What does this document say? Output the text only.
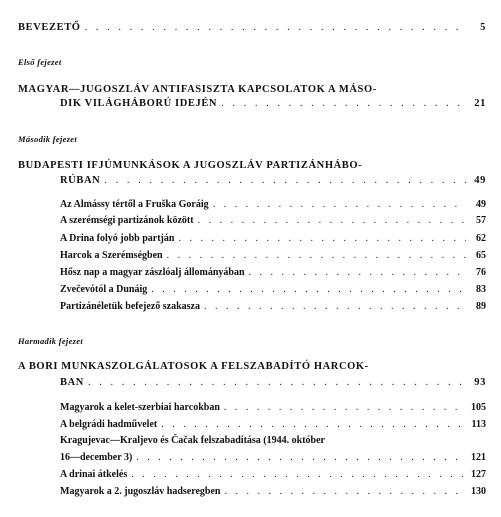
BEVEZETŐ . . .	5
Első fejezet
MAGYAR—JUGOSZLÁV ANTIFASISZTA KAPCSOLATOK A MÁSO-
DIK VILÁGHÁBORÚ IDEJÉN . . .	21
Második fejezet
BUDAPESTI IFJÚMUNKÁSOK A JUGOSZLÁV PARTIZÁNHÁBO-
RÚBAN . . .	49
Az Almássy tértől a Fruška Goráig . . .	49
A szerémségi partizánok között . . .	57
A Drina folyó jobb partján . . .	62
Harcok a Szerémségben . . .	65
Hősz nap a magyar zászlóalj állományában . . .	76
Zvečevótól a Dunáig . . .	83
Partizánéletük befejező szakasza . . .	89
Harmadik fejezet
A BORI MUNKASZOLGÁLATOSOK A FELSZABADÍTÓ HARCOK-
BAN . . .	93
Magyarok a kelet-szerbiai harcokban . . .	105
A belgrádi hadművelet . . .	113
Kragujevac—Kraljevo és Čačak felszabadítása (1944. október
16—december 3) . . .	121
A drinai átkelés . . .	127
Magyarok a 2. jugoszláv hadseregben . . .	130
